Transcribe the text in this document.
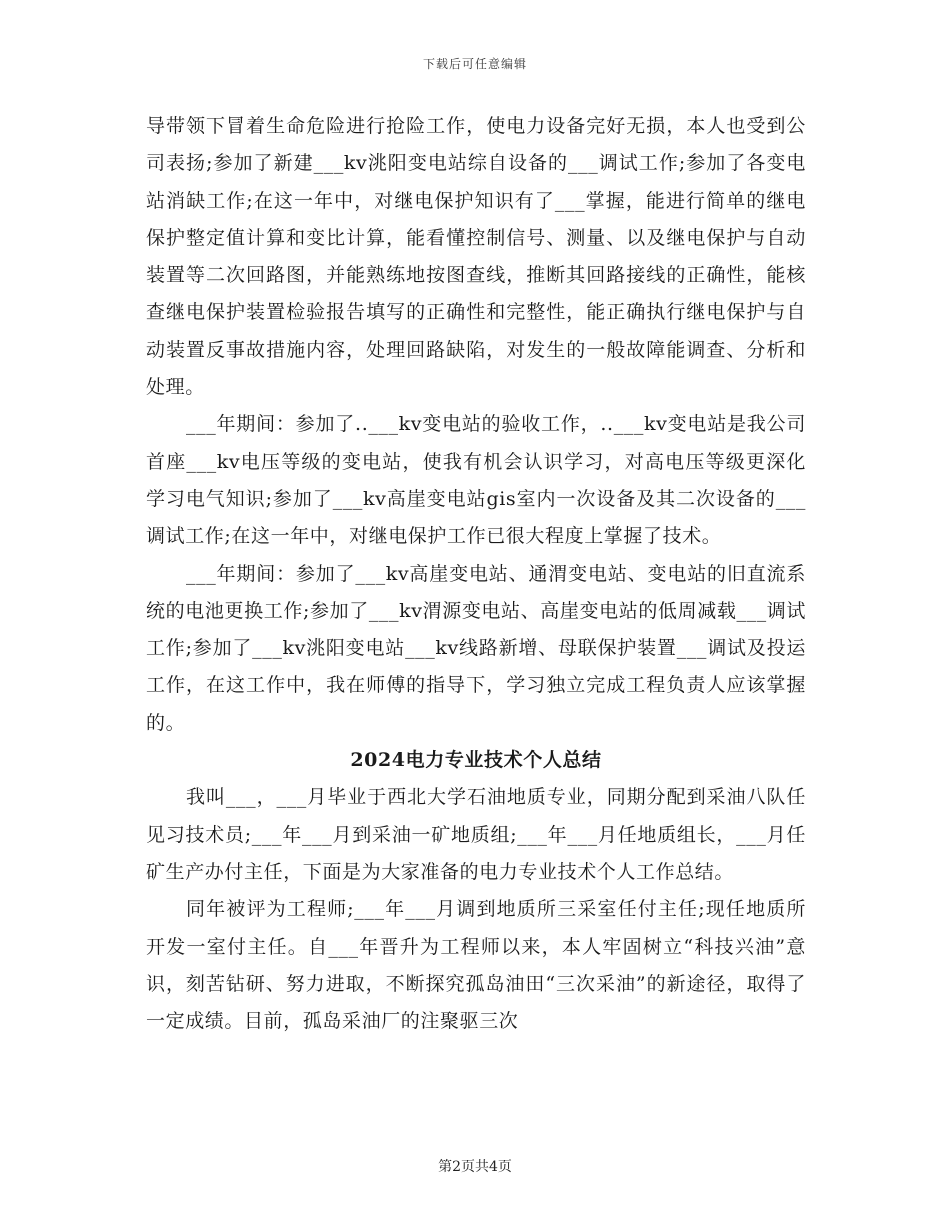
下载后可任意编辑

导带领下冒着生命危险进行抢险工作，使电力设备完好无损，本人也受到公司表扬;参加了新建___kv洮阳变电站综自设备的___调试工作;参加了各变电站消缺工作;在这一年中，对继电保护知识有了___掌握，能进行简单的继电保护整定值计算和变比计算，能看懂控制信号、测量、以及继电保护与自动装置等二次回路图，并能熟练地按图查线，推断其回路接线的正确性，能核查继电保护装置检验报告填写的正确性和完整性，能正确执行继电保护与自动装置反事故措施内容，处理回路缺陷，对发生的一般故障能调查、分析和处理。

___年期间：参加了..___kv变电站的验收工作，..___kv变电站是我公司首座___kv电压等级的变电站，使我有机会认识学习，对高电压等级更深化学习电气知识;参加了___kv高崖变电站gis室内一次设备及其二次设备的___调试工作;在这一年中，对继电保护工作已很大程度上掌握了技术。

___年期间：参加了___kv高崖变电站、通渭变电站、变电站的旧直流系统的电池更换工作;参加了___kv渭源变电站、高崖变电站的低周减载___调试工作;参加了___kv洮阳变电站___kv线路新增、母联保护装置___调试及投运工作，在这工作中，我在师傅的指导下，学习独立完成工程负责人应该掌握的。

2024电力专业技术个人总结

我叫___，___月毕业于西北大学石油地质专业，同期分配到采油八队任见习技术员;___年___月到采油一矿地质组;___年___月任地质组长，___月任矿生产办付主任，下面是为大家准备的电力专业技术个人工作总结。

同年被评为工程师;___年___月调到地质所三采室任付主任;现任地质所开发一室付主任。自___年晋升为工程师以来，本人牢固树立“科技兴油”意识，刻苦钻研、努力进取，不断探究孤岛油田“三次采油”的新途径，取得了一定成绩。目前，孤岛采油厂的注聚驱三次

第2页共4页
